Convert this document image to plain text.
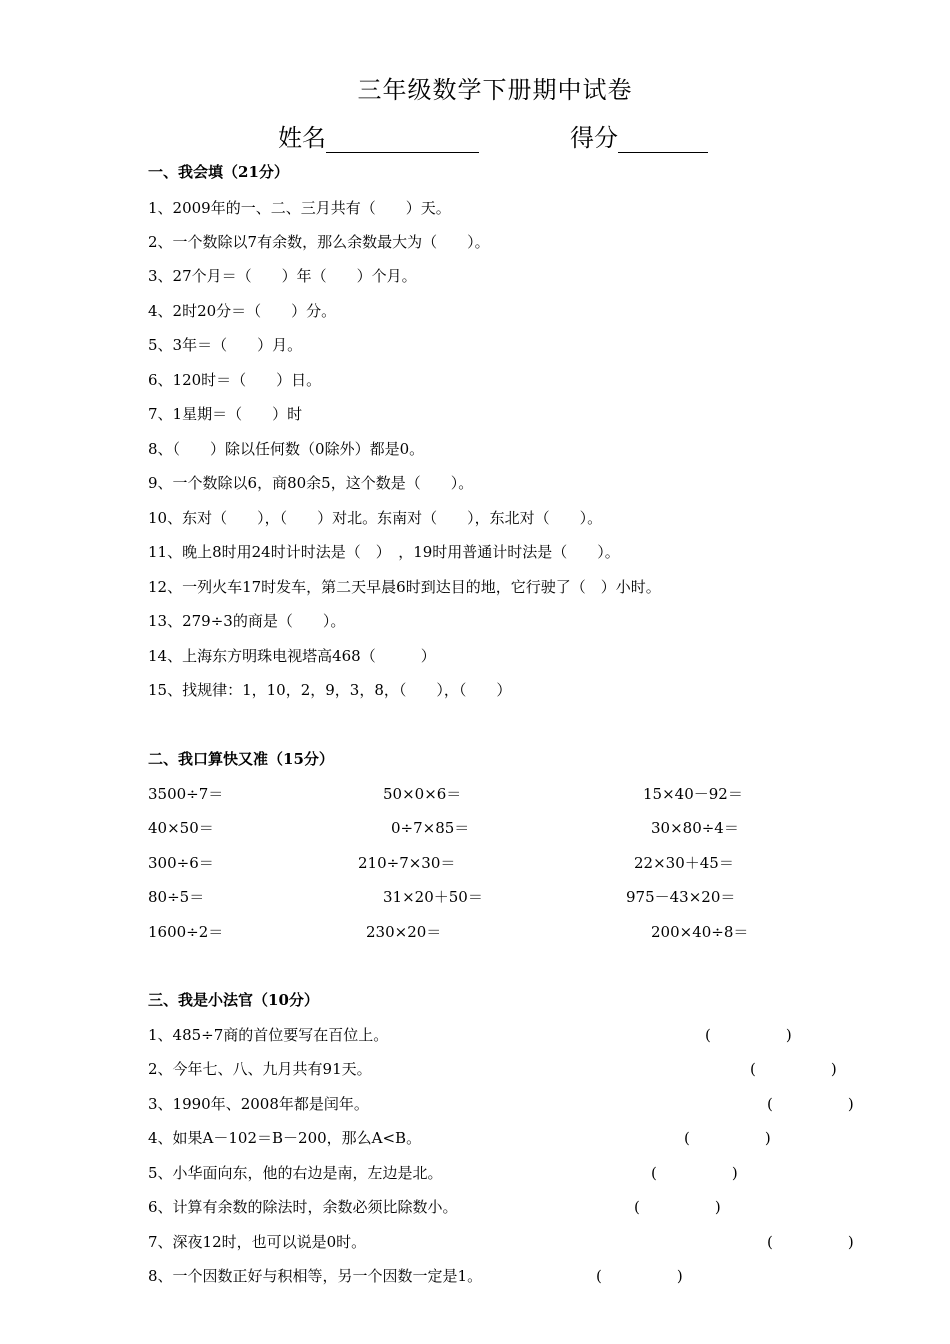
三年级数学下册期中试卷
姓名	得分
一、我会填（21分）
1、2009年的一、二、三月共有（　　）天。
2、一个数除以7有余数，那么余数最大为（　　）。
3、27个月＝（　　）年（　　）个月。
4、2时20分＝（　　）分。
5、3年＝（　　）月。
6、120时＝（　　）日。
7、1星期＝（　　）时
8、（　　）除以任何数（0除外）都是0。
9、一个数除以6，商80余5，这个数是（　　）。
10、东对（　　），（　　）对北。东南对（　　），东北对（　　）。
11、晚上8时用24时计时法是（　）　，19时用普通计时法是（　　）。
12、一列火车17时发车，第二天早晨6时到达目的地，它行驶了（　）小时。
13、279÷3的商是（　　）。
14、上海东方明珠电视塔高468（　　　）
15、找规律：1，10，2，9，3，8，（　　），（　　）
二、我口算快又准（15分）
3500÷7＝	50×0×6＝	15×40－92＝
40×50＝	0÷7×85＝	30×80÷4＝
300÷6＝	210÷7×30＝	22×30＋45＝
80÷5＝	31×20＋50＝	975－43×20＝
1600÷2＝	230×20＝	200×40÷8＝
三、我是小法官（10分）
1、485÷7商的首位要写在百位上。	(　　　　　)
2、今年七、八、九月共有91天。	(　　　　　)
3、1990年、2008年都是闰年。	(　　　　　)
4、如果A－102＝B－200，那么A<B。	(　　　　　)
5、小华面向东，他的右边是南，左边是北。	(　　　　　)
6、计算有余数的除法时，余数必须比除数小。	(　　　　　)
7、深夜12时，也可以说是0时。	(　　　　　)
8、一个因数正好与积相等，另一个因数一定是1。	(　　　　　)
